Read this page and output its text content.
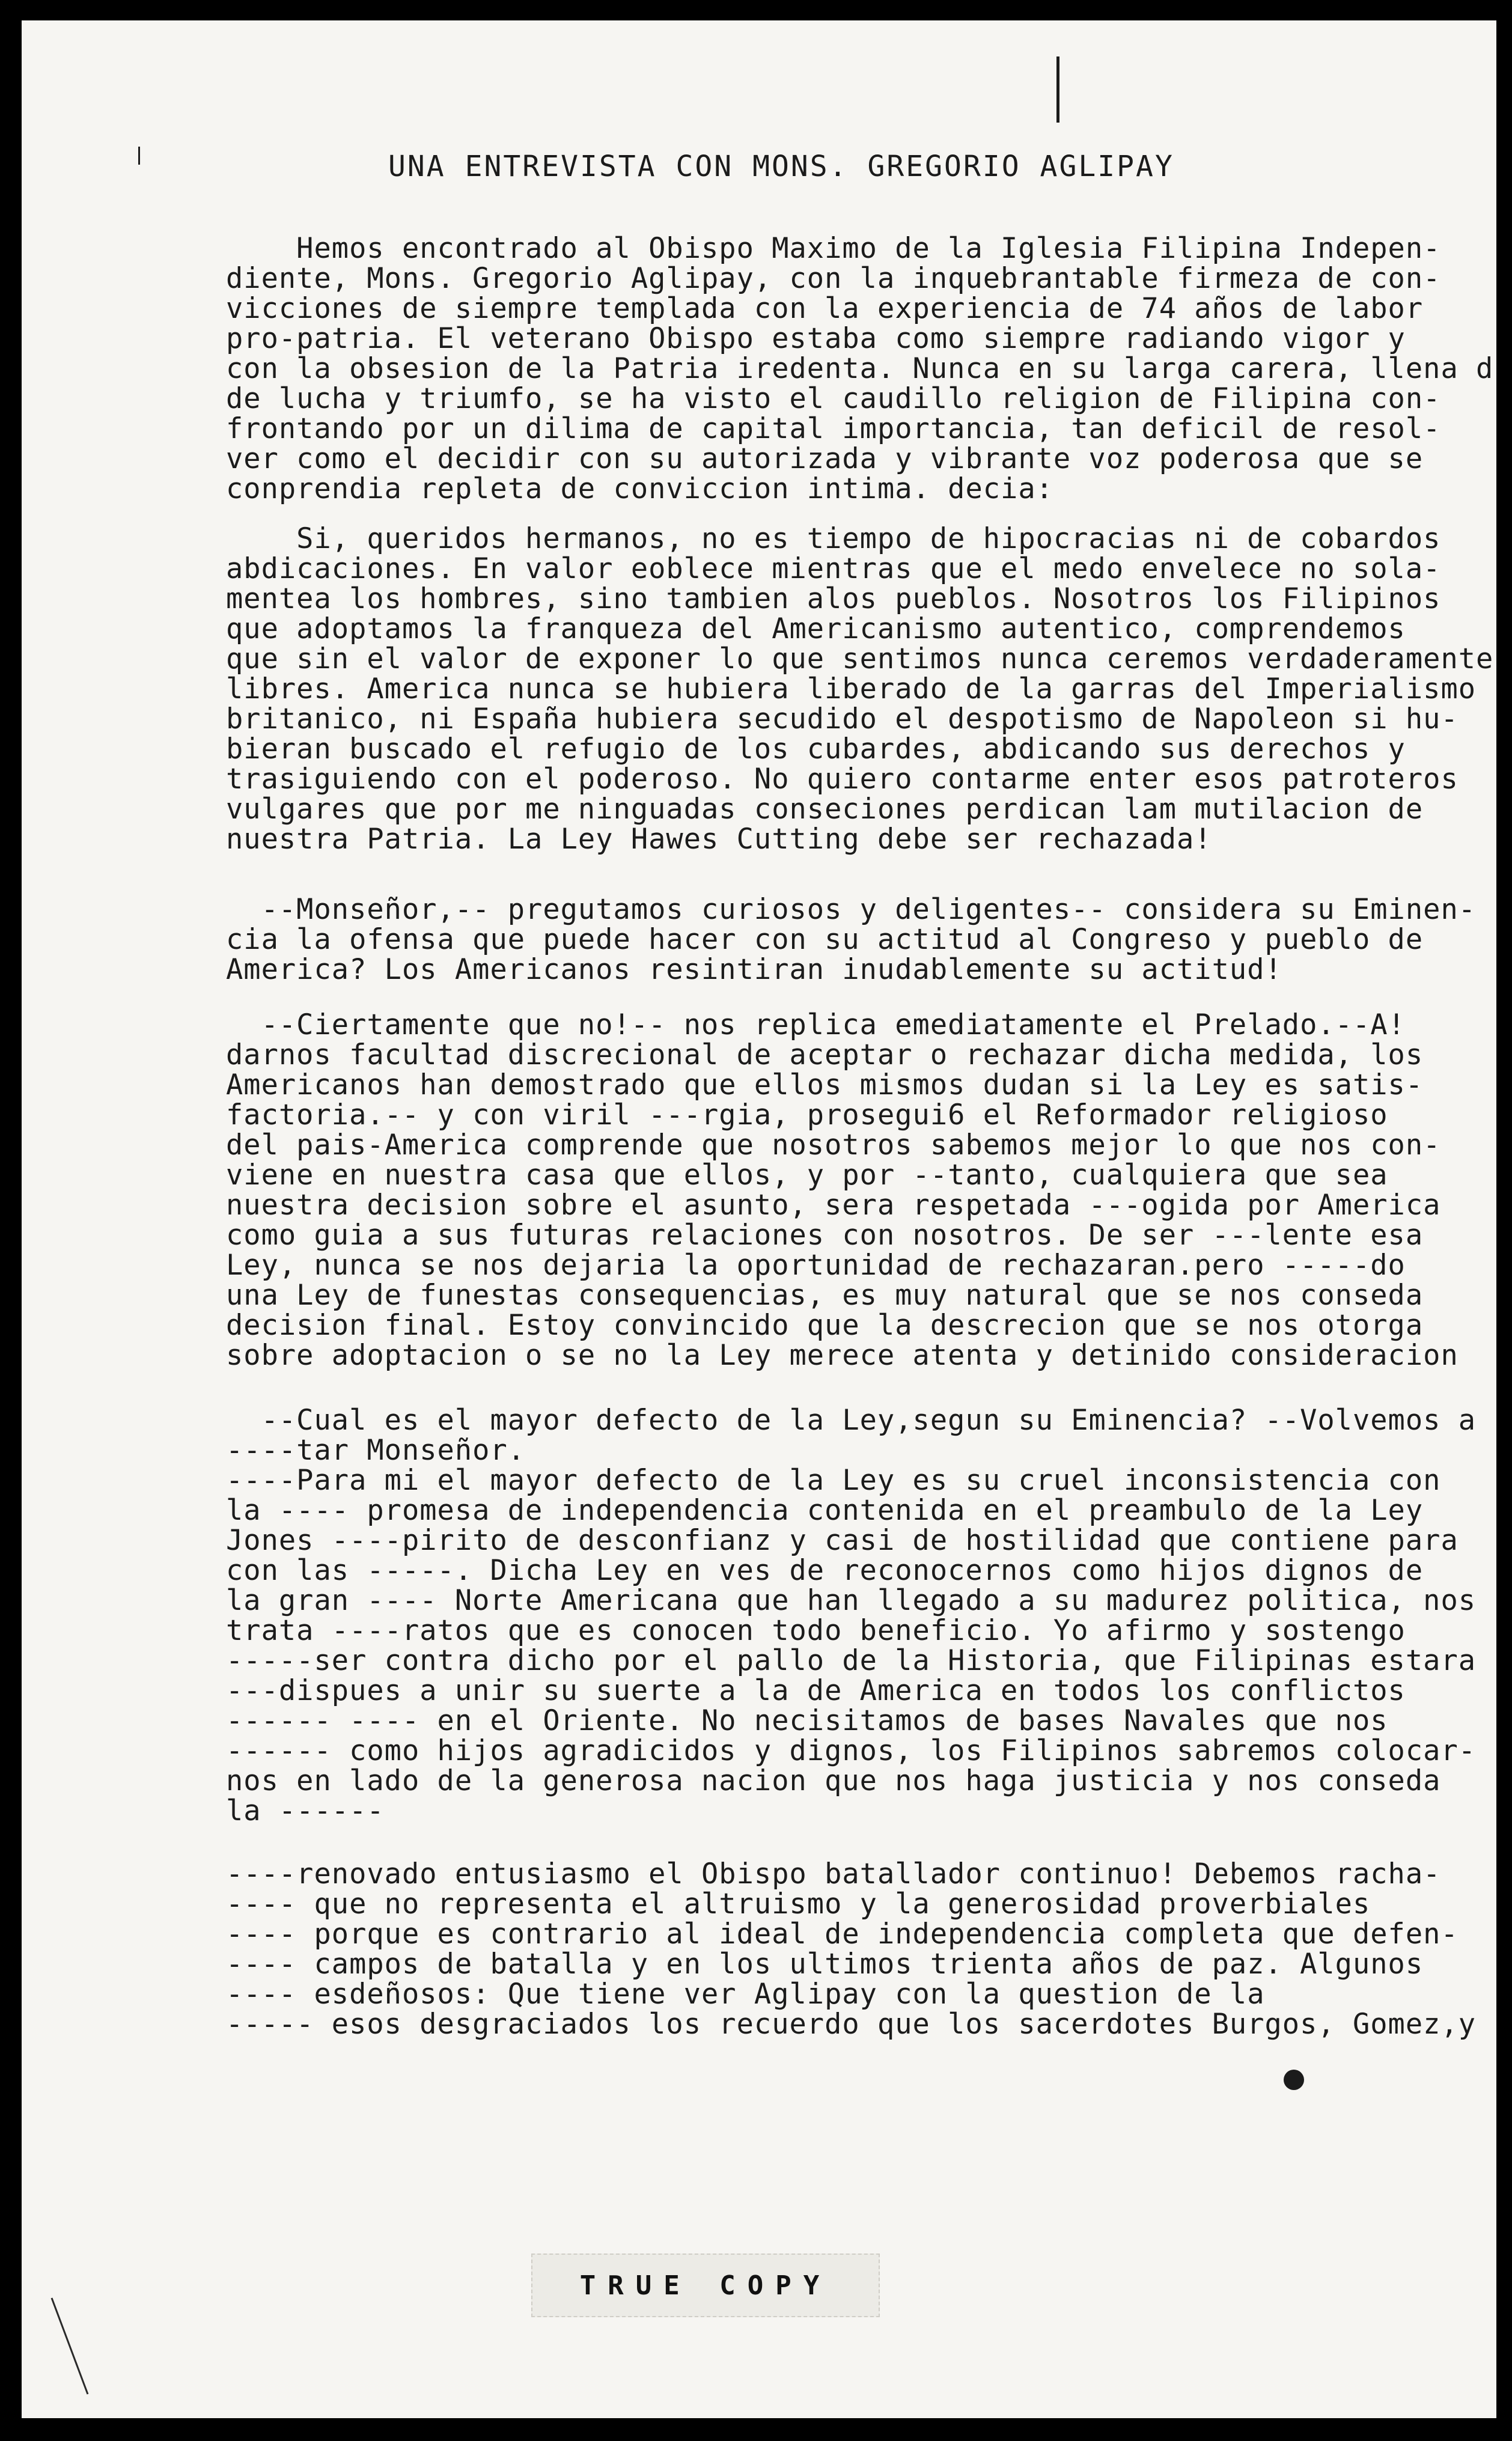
UNA ENTREVISTA CON MONS. GREGORIO AGLIPAY
Hemos encontrado al Obispo Maximo de la Iglesia Filipina Indepen-
diente, Mons. Gregorio Aglipay, con la inquebrantable firmeza de con-
vicciones de siempre templada con la experiencia de 74 años de labor
pro-patria. El veterano Obispo estaba como siempre radiando vigor y
con la obsesion de la Patria iredenta. Nunca en su larga carera, llena d
de lucha y triumfo, se ha visto el caudillo religion de Filipina con-
frontando por un dilima de capital importancia, tan deficil de resol-
ver como el decidir con su autorizada y vibrante voz poderosa que se
conprendia repleta de conviccion intima. decia:
Si, queridos hermanos, no es tiempo de hipocracias ni de cobardos
abdicaciones. En valor eoblece mientras que el medo envelece no sola-
mentea los hombres, sino tambien alos pueblos. Nosotros los Filipinos
que adoptamos la franqueza del Americanismo autentico, comprendemos
que sin el valor de exponer lo que sentimos nunca ceremos verdaderamente
libres. America nunca se hubiera liberado de la garras del Imperialismo
britanico, ni España hubiera secudido el despotismo de Napoleon si hu-
bieran buscado el refugio de los cubardes, abdicando sus derechos y
trasiguiendo con el poderoso. No quiero contarme enter esos patroteros
vulgares que por me ninguadas conseciones perdican lam mutilacion de
nuestra Patria. La Ley Hawes Cutting debe ser rechazada!
--Monseñor,-- pregutamos curiosos y deligentes-- considera su Eminen-
cia la ofensa que puede hacer con su actitud al Congreso y pueblo de
America? Los Americanos resintiran inudablemente su actitud!
--Ciertamente que no!-- nos replica emediatamente el Prelado.--A!
darnos facultad discrecional de aceptar o rechazar dicha medida, los
Americanos han demostrado que ellos mismos dudan si la Ley es satis-
factoria.-- y con viril ---rgia, prosegui6 el Reformador religioso
del pais-America comprende que nosotros sabemos mejor lo que nos con-
viene en nuestra casa que ellos, y por --tanto, cualquiera que sea
nuestra decision sobre el asunto, sera respetada ---ogida por America
como guia a sus futuras relaciones con nosotros. De ser ---lente esa
Ley, nunca se nos dejaria la oportunidad de rechazaran.pero -----do
una Ley de funestas consequencias, es muy natural que se nos conseda
decision final. Estoy convincido que la descrecion que se nos otorga
sobre adoptacion o se no la Ley merece atenta y detinido consideracion
--Cual es el mayor defecto de la Ley,segun su Eminencia? --Volvemos a
----tar Monseñor.
----Para mi el mayor defecto de la Ley es su cruel inconsistencia con
la ---- promesa de independencia contenida en el preambulo de la Ley
Jones ----pirito de desconfianz y casi de hostilidad que contiene para
con las -----. Dicha Ley en ves de reconocernos como hijos dignos de
la gran ---- Norte Americana que han llegado a su madurez politica, nos
trata ----ratos que es conocen todo beneficio. Yo afirmo y sostengo
-----ser contra dicho por el pallo de la Historia, que Filipinas estara
---dispues a unir su suerte a la de America en todos los conflictos
------ ---- en el Oriente. No necisitamos de bases Navales que nos
------ como hijos agradicidos y dignos, los Filipinos sabremos colocar-
nos en lado de la generosa nacion que nos haga justicia y nos conseda
la ------
----renovado entusiasmo el Obispo batallador continuo! Debemos racha-
---- que no representa el altruismo y la generosidad proverbiales
---- porque es contrario al ideal de independencia completa que defen-
---- campos de batalla y en los ultimos trienta años de paz. Algunos
---- esdeñosos: Que tiene ver Aglipay con la question de la
----- esos desgraciados los recuerdo que los sacerdotes Burgos, Gomez,y
TRUE COPY
